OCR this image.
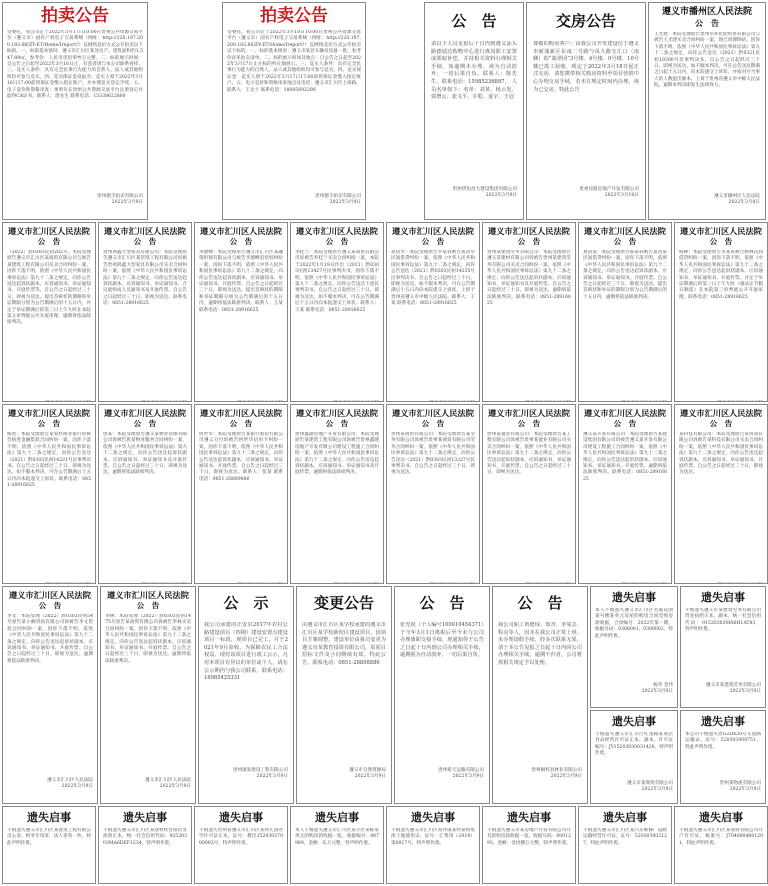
拍卖公告
受委托，我公司定于2022年3月17日10:00在贵州公共资源交易平台（遵义市）国有产权电子交易系统（网址：http://220.197.200.182:86/ZY-ET/Home/Ireport?）以网络竞价方式公开拍卖以下标的。一、标的基本情况：遵义市汇川区某处房产，建筑面积约1,547.88㎡，参考价：人民币壹佰零叁万元整。二、标的展示时间：自公告之日起至2022年3月16日止，有意者请与本公司联系看样。三、竞买人条件：具有完全民事行为能力的自然人、法人或其他组织均可参与竞买。四、竞买保证金及报名：竞买人须于2022年3月16日17:00前将保证金缴入指定账户，并办理竞买登记手续。五、电子竞价和资格审查：须事先在贵州公共资源交易平台注册登记并取得CA证书。联系人：唐先生 联系电话：15338622860
贵州德丰拍卖有限公司
2022年3月9日
拍卖公告
受委托，我公司定于2022年3月18日10:00在贵州公共资源交易平台（遵义市）国有产权电子交易系统（网址：http://220.197.200.182:86/ZY-ET/Home/Ireport?）以网络竞价方式公开拍卖以下标的。一、标的基本情况：遵义市某处车辆及设备一批，参考价详见拍卖清单。二、标的展示时间及地点：自公告之日起至2022年3月17日止在标的所在地展示。三、竞买人条件：具有完全民事行为能力的自然人、法人或其他组织均可参与竞买。四、竞买保证金：竞买人须于2022年3月17日17:00前将保证金缴入指定账户。五、电子竞价和资格审查地点及电话：遵义市汇川区上海路。联系人：王女士 联系电话：18985692298
贵州德丰拍卖有限公司
2022年3月9日
公　告
请以下人员见报后十日内到遵义汕头路德瑞达购物中心进行离岗职工安置或领取补偿，并持相关资料办理相关手续。如逾期未办理，视为自动放弃，一切后果自负。联系人：陈先生，联系电话：15985236897。 人员名单如下：名单：刘某、杨云发、郭增云、张文平、许乾、夏宇、王冠
贵州贵恒昌大建设集团有限公司
2022年3月9日
交房公告
尊敬的购房客户：由我公司开发建设位于遵义市新蒲新区东南二号路与凤九路交汇口（南侧）的“翡翠园”3号楼、4号楼、9号楼、10号楼已竣工验收，现定于2022年3月18日起正式交房，请您携带相关购房资料至项目营销中心办理交房手续，若未在规定时间内办理，视为已交房。特此公告
贵州昆鼎房地产开发有限公司
2022年3月10日
遵义市播州区人民法院
公　告
王光建：本院受理原告贵州华祥化肥贸易有限公司与被告王光建买卖合同纠纷一案，现已审理终结。因你下落不明，依照《中华人民共和国民事诉讼法》第九十二条之规定，向你公告送达（2021）黔0321民初10390号民事判决书。自公告之日起经过三十日，即视为送达。如不服本判决，可在公告送达期满之日起十五日内，向本院递交上诉状，并按对方当事人的人数提出副本，上诉于贵州省遵义市中级人民法院。逾期本判决即发生法律效力。
遵义市播州区人民法院
2022年3月8日
遵义市汇川区人民法院
公　告
（2022）黔0303民初282号。本院受理原告遵义市汇川区某商贸有限公司与被告某建筑工程有限公司买卖合同纠纷一案，因你下落不明，依照《中华人民共和国民事诉讼法》第九十二条之规定，向你公告送达起诉状副本、应诉通知书、举证通知书、开庭传票等。自公告之日起经过三十日，即视为送达。提出答辩状的期限和举证期限分别为公告期满后的十五日内，并定于举证期满后的第三日上午九时在本院第五审判庭公开开庭审理，逾期将依法缺席判决。
遵义市汇川区人民法院
公　告
贵州鸿鑫大型家具有限公司：本院受理原告遵义市汇川区某装饰工程有限公司诉被告贵州鸿鑫大型家具有限公司买卖合同纠纷一案，依照《中华人民共和国民事诉讼法》第九十二条之规定，向你公告送达起诉状副本、应诉通知书、举证通知书、合议庭组成人员通知书及开庭传票。自公告之日起经过三十日，即视为送达。联系电话：0851-28916625
遵义市汇川区人民法院
公　告
李德峰：本院受理原告遵义市汇川区某融资担保有限公司与被告李德峰追偿权纠纷一案，因你下落不明，依照《中华人民共和国民事诉讼法》第九十二条之规定，向你公告送达起诉状副本、应诉通知书、举证通知书、开庭传票。自公告之日起经过三十日，即视为送达。提出答辩状的期限和举证期限分别为公告期满后的十五日内，逾期将依法缺席判决。联系人：王某 联系电话：0851-28916625
遵义市汇川区人民法院
公　告
李桂兰：本院受理原告遵义某商贸有限公司诉被告李桂兰买卖合同纠纷一案，本院于2022年1月18日作出（2021）黔0303民初13427号民事判决书，因你下落不明，依照《中华人民共和国民事诉讼法》第九十二条之规定，向你公告送达上述民事判决书。自公告之日起经过三十日，即视为送达。如不服本判决，可在公告期满后十五日内向本院递交上诉状。联系人：王某 联系电话：0851-28916625
遵义市汇川区人民法院
公　告
蒋清华：本院受理原告罗某诉被告蒋清华民间借贷纠纷一案，依照《中华人民共和国民事诉讼法》第九十二条之规定，向你公告送达（2021）黔0303民初14235号民事判决书。自公告之日起经过三十日，即视为送达。如不服本判决，可在公告期满后十五日内向本院递交上诉状，上诉于贵州省遵义市中级人民法院。联系人：王某 联系电话：0851-28916625
遵义市汇川区人民法院
公　告
贵州某建筑劳务有限公司：本院受理原告遵义某建材有限公司诉被告贵州某建筑劳务有限公司买卖合同纠纷一案，依照《中华人民共和国民事诉讼法》第九十二条之规定，向你公告送达起诉状副本、应诉通知书、举证通知书及开庭传票。自公告之日起经过三十日，即视为送达，逾期将依法缺席判决。联系电话：0851-28916625
遵义市汇川区人民法院
公　告
易清泉：本院受理原告蔡某诉被告易清泉民间借贷纠纷一案，因你下落不明，依照《中华人民共和国民事诉讼法》第九十二条之规定，向你公告送达起诉状副本、应诉通知书、举证通知书、开庭传票。自公告之日起经过三十日，即视为送达。提出答辩状和举证的期限分别为公告期满后的十五日内，逾期将依法缺席判决。
遵义市汇川区人民法院
公　告
杨林：本院受理原告李某诉被告杨林民间借贷纠纷一案，因你下落不明，依照《中华人民共和国民事诉讼法》第九十二条之规定，向你公告送达起诉状副本、应诉通知书、举证通知书、开庭传票。并定于举证期满后的第三日上午九时（遇法定节假日顺延）在本院第三审判庭公开开庭审理。联系电话：0851-28916625
遵义市汇川区人民法院
公　告
杨进：本院受理原告某农村商业银行诉被告杨进金融借款合同纠纷一案，因你下落不明，依照《中华人民共和国民事诉讼法》第九十二条之规定，向你公告送达（2021）黔0303民初14221号民事判决书。自公告之日起经过三十日，即视为送达。如不服本判决，可在公告期满后十五日内向本院递交上诉状。联系电话：0851-28916625
遵义市汇川区人民法院
公　告
唐某：本院受理原告遵义某物业管理有限公司诉被告唐某物业服务合同纠纷一案，依照《中华人民共和国民事诉讼法》第九十二条之规定，向你公告送达起诉状副本、应诉通知书、举证通知书及开庭传票。自公告之日起经过三十日，即视为送达，逾期将依法缺席判决。
遵义市汇川区人民法院
公　告
何世华：本院受理原告某银行股份有限公司遵义分行诉被告何世华信用卡纠纷一案，因你下落不明，依照《中华人民共和国民事诉讼法》第九十二条之规定，向你公告送达起诉状副本、应诉通知书、举证通知书、开庭传票。自公告之日起经过三十日，即视为送达。联系人：张某 联系电话：0851-28889086
遵义市汇川区人民法院
公　告
贵州鑫隆房地产开发有限公司：本院受理原告某建筑工程有限公司诉被告贵州鑫隆房地产开发有限公司建设工程施工合同纠纷一案，依照《中华人民共和国民事诉讼法》第九十二条之规定，向你公告送达起诉状副本、应诉通知书、举证通知书及开庭传票，逾期将依法缺席判决。
遵义市汇川区人民法院
公　告
贵州某商贸有限公司：本院受理原告某劳务有限公司诉被告贵州某商贸有限公司劳务合同纠纷一案，依照《中华人民共和国民事诉讼法》第九十二条之规定，向你公告送达（2021）黔0303民初13327号民事判决书。自公告之日起经过三十日，即视为送达。
遵义市汇川区人民法院
公　告
贵州某置业有限公司：本院受理原告某工程有限公司诉被告贵州某置业有限公司买卖合同纠纷一案，依照《中华人民共和国民事诉讼法》第九十二条之规定，向你公告送达起诉状副本、应诉通知书、举证通知书、开庭传票。自公告之日起经过三十日，即视为送达。
遵义市汇川区人民法院
公　告
遵义某开发有限公司：本院受理原告某建设集团有限公司诉被告遵义某开发有限公司建设工程施工合同纠纷一案，依照《中华人民共和国民事诉讼法》第九十二条之规定，向你公告送达起诉状副本、应诉通知书、举证通知书、开庭传票，逾期将依法缺席判决。联系电话：0851-28916625
遵义市汇川区人民法院
公　告
某科技有限公司：本院受理原告某贸易有限公司诉被告某科技有限公司买卖合同纠纷一案，依照《中华人民共和国民事诉讼法》第九十二条之规定，向你公告送达起诉状副本、应诉通知书、举证通知书、开庭传票。自公告之日起经过三十日，即视为送达。
遗失启事
不慎遗失遵义市汇川区某建筑工程有限公司公章、财务专用章、法人章各一枚，特此声明作废。
遗失启事
不慎遗失遵义市汇川区某建材经营部营业执照正本，统一社会信用代码：92520303MA6DEF1234，特声明作废。
遗失启事
不慎遗失贵州省遵义市汇川区某幼儿园办学许可证正本，证号：教民15203037000003号，特声明作废。
遗失启事
本人不慎遗失遵义市汇川区某小区某栋某单元的购房款收据一张，收据编号：907989，金额：伍万元整，特声明作废。
遗失启事
不慎遗失遵义市汇川区高坪镇某村某组集体土地使用证，证号：汇集用（2014）第0017号，特声明作废。
遗失启事
不慎遗失遵义市某房地产开发有限公司开具的购房款收据一张，收据号码：0001293，金额：壹拾捌万元整，特声明作废。
遗失启事
不慎遗失遵义市汇川区某汽车维修厂道路运输经营许可证，证号：520303002127，特此声明作废。
遗失启事
不慎遗失遵义市汇川区某商贸有限公司开户许可证，核准号：J7040004681201，特此声明作废。
遵义市汇川区人民法院
公　告
李文：本院受理（2022）黔0303民初54号原告某小额贷款有限公司诉被告李文借款合同纠纷一案，因你下落不明，依照《中华人民共和国民事诉讼法》第九十二条之规定，向你公告送达起诉状副本、应诉通知书、举证通知书、开庭传票。自公告之日起经过三十日，即视为送达。逾期将依法缺席判决。
遵义市汇川区人民法院
2022年3月9日
遵义市汇川区人民法院
公　告
李林：本院受理（2022）黔0303民初1475号原告某商贸有限公司诉被告李林买卖合同纠纷一案，因你下落不明，依照《中华人民共和国民事诉讼法》第九十二条之规定，向你公告送达起诉状副本、应诉通知书、举证通知书、开庭传票。自公告之日起经过三十日，即视为送达。逾期将依法缺席判决。
遵义市汇川区人民法院
2022年3月9日
公　示
我公司承建的正安县2017年农村公路建设项目（四期）建设安置点建设项目一标段，现项目已完工，并于2021年9月验收。为保障农民工合法权益，现对该项目进行竣工公示，凡对本项目有异议的单位或个人，请在公示期内与我公司联系。联系电话：18985425331
贵州康发建设工程有限公司
2022年3月9日
变更公告
由遵义市汇川区某学校承建的遵义市汇川区某学校新校区建设项目，因项目方案调整，建设单位由我司变更为遵义市某教育投资有限公司，原项目招标文件及合同继续有效。特此公告。联系电话：0851-28898886
遵义市自然资源局
2022年3月9日
公　告
张光权（个人编号100010454371）于今年3月1日离职后至今未与公司办理离职交接手续，现通知你于公告之日起十日内到公司办理相关手续，逾期视为自动放弃，一切后果自负。
贵州希天运输有限公司
2022年3月9日
公　告
我公司职工黄德琼、郑青、李曼芸、程亮等人，因未在我公司正常上班，未办理请假手续，经多次联系无果，请于本公告见报之日起十日内回公司办理相关手续，逾期不归者，公司将按相关规定予以处理。
贵州桐梓县林业有限公司
2022年3月9日
遗失启事
本人不慎遗失遵义市汇川区名都花园某号楼某单元房屋的购房合同及购房款收据，合同编号：2022年第一期，收据号码：0308001、0308002，特此声明作废。
杨华 金伟
2022年3月9日
遗失启事
不慎遗失遵义市某建筑劳务有限公司营业执照正本、副本，统一社会信用代码：91520303MA6H1AT83，特声明作废。
遵义市某建筑劳务有限公司
2022年3月9日
遗失启事
不慎遗失遵义市汇川区红星路某商店食品经营许可证正本、副本，许可证编号：JY15203030031428，特声明作废。
遵义市某商贸有限公司
2022年3月9日
遗失启事
本公司不慎遗失贵G2DX20号车道路运输证，证号：520303008751，特此声明作废。
贵州某物流有限公司
2022年3月9日
